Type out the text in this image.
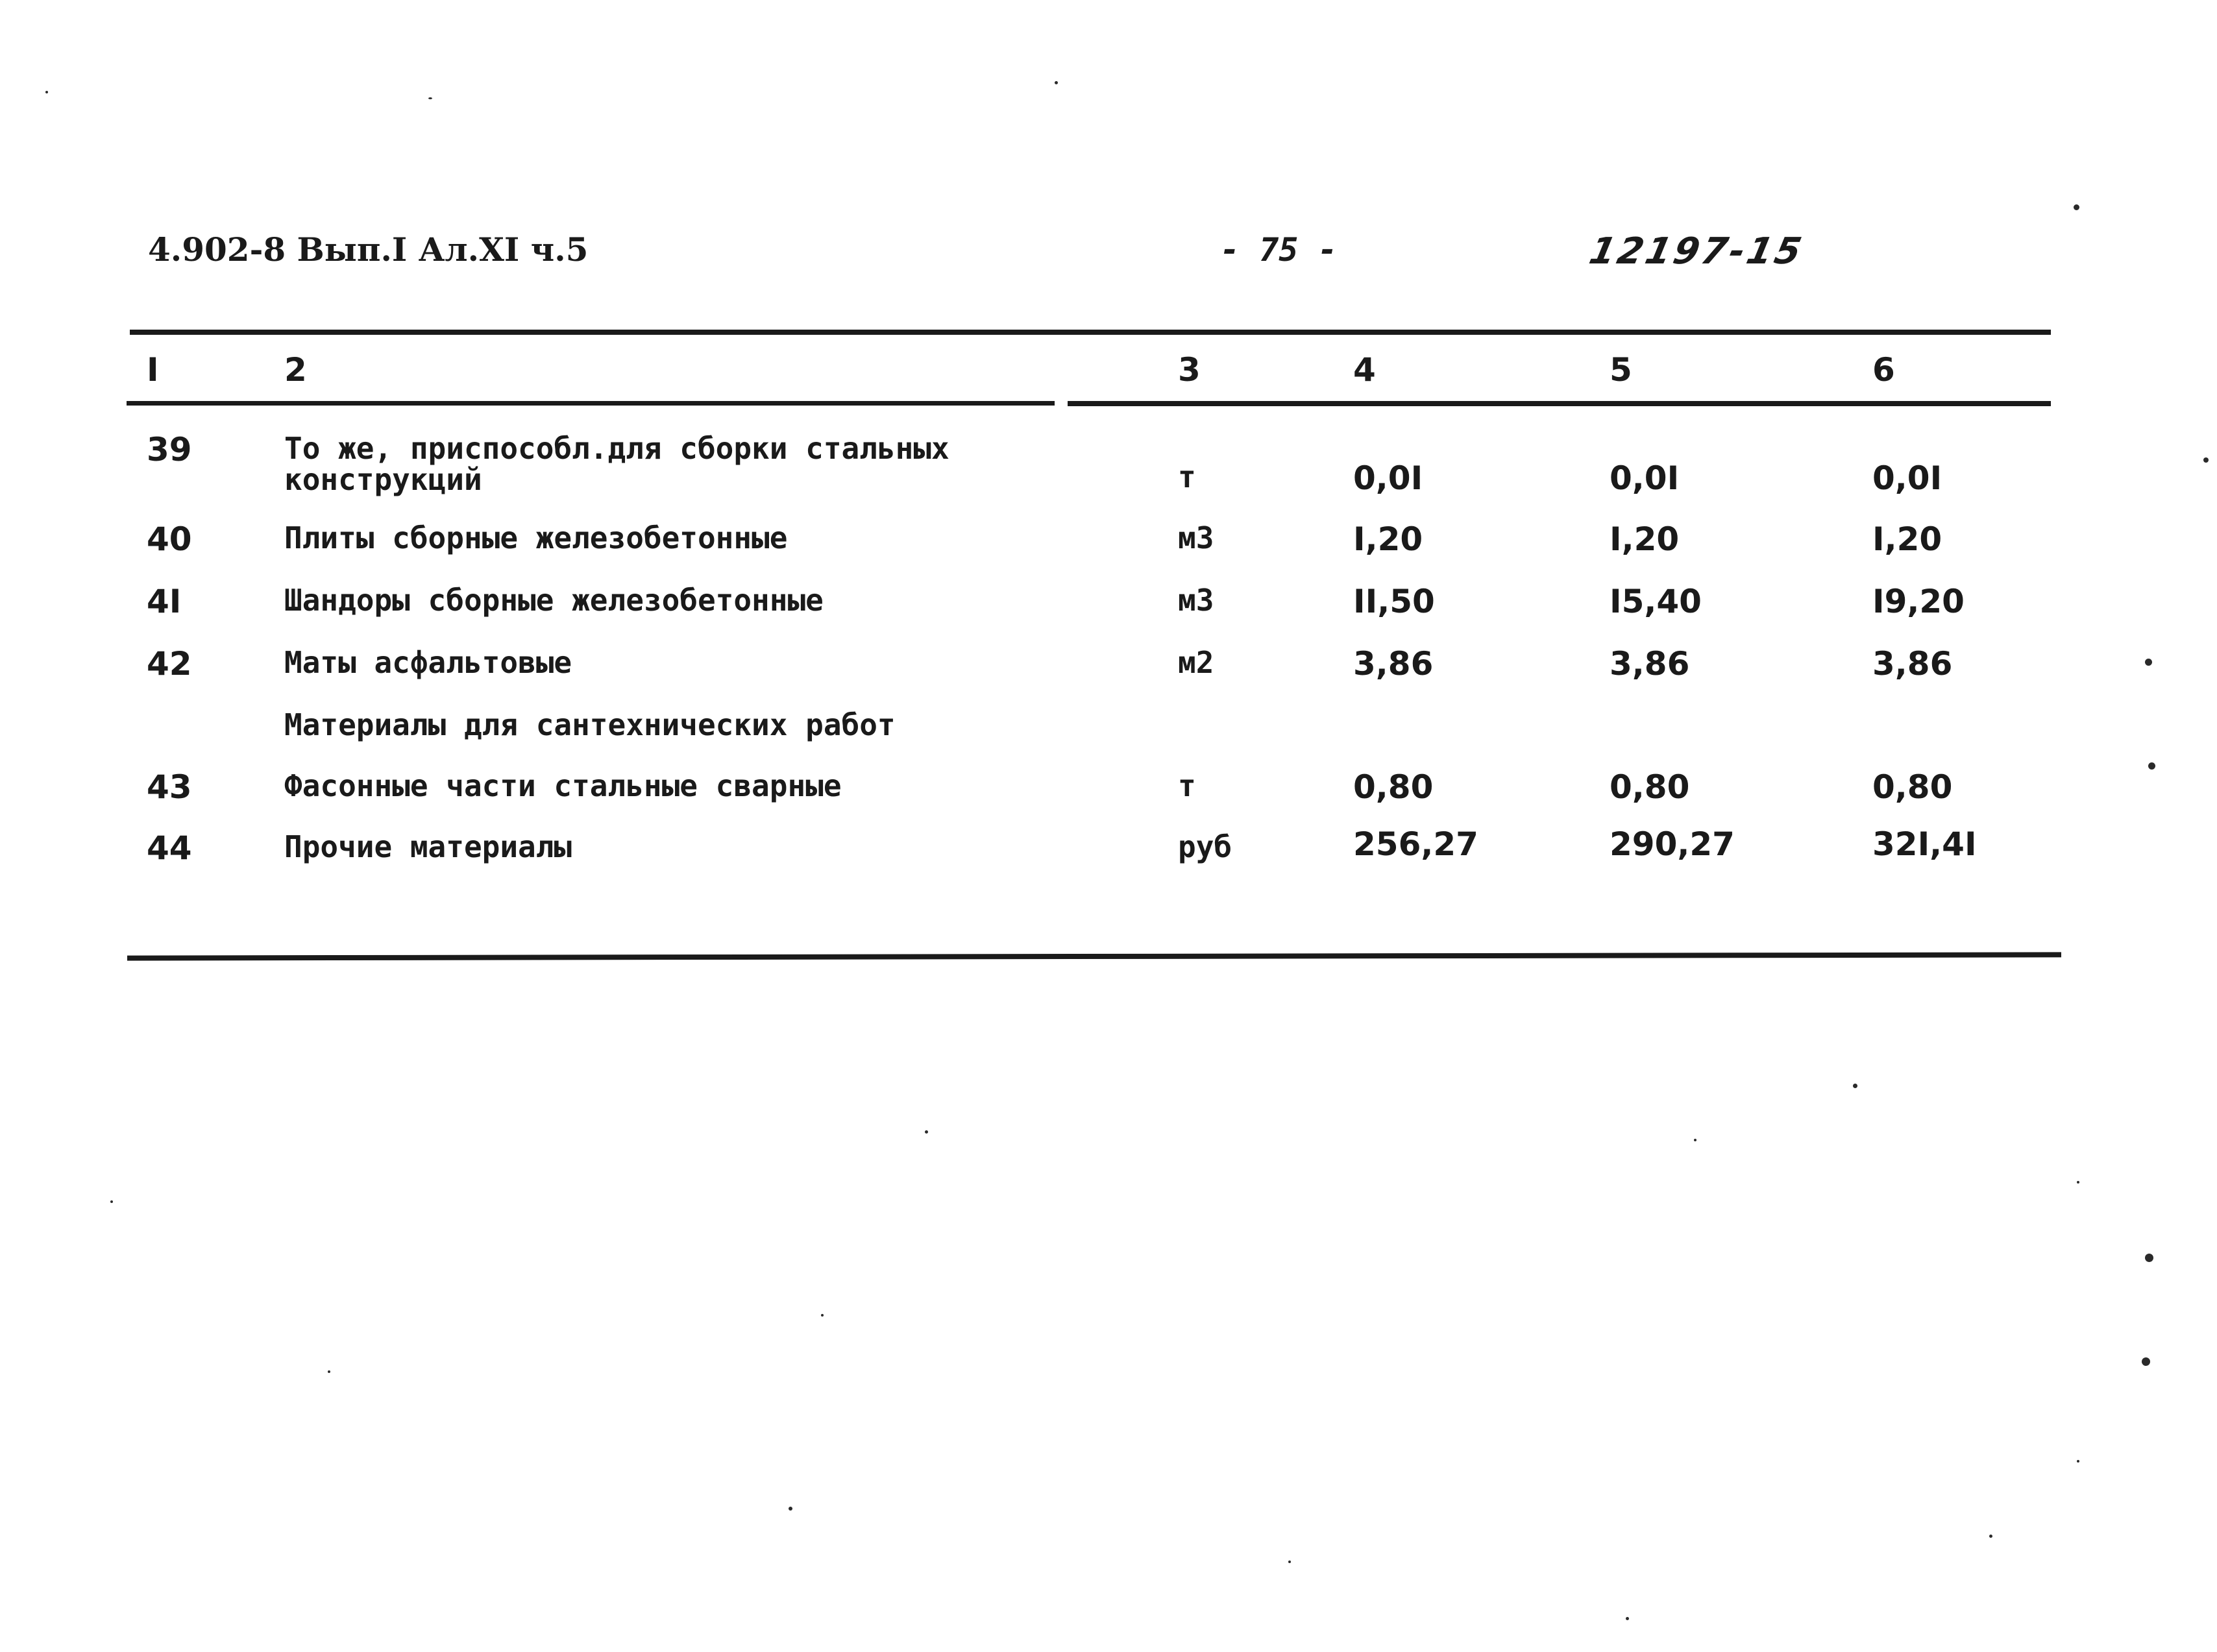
4.902-8 Вып.I Ал.XI ч.5	- 75 -	12197-15
I	2	3	4	5	6
39	То же, приспособл.для сборки стальных
конструкций	т	0,0I	0,0I	0,0I
40	Плиты сборные железобетонные	м3	I,20	I,20	I,20
4I	Шандоры сборные железобетонные	м3	II,50	I5,40	I9,20
42	Маты асфальтовые	м2	3,86	3,86	3,86
Материалы для сантехнических работ
43	Фасонные части стальные сварные	т	0,80	0,80	0,80
44	Прочие материалы	руб	256,27	290,27	32I,4I
